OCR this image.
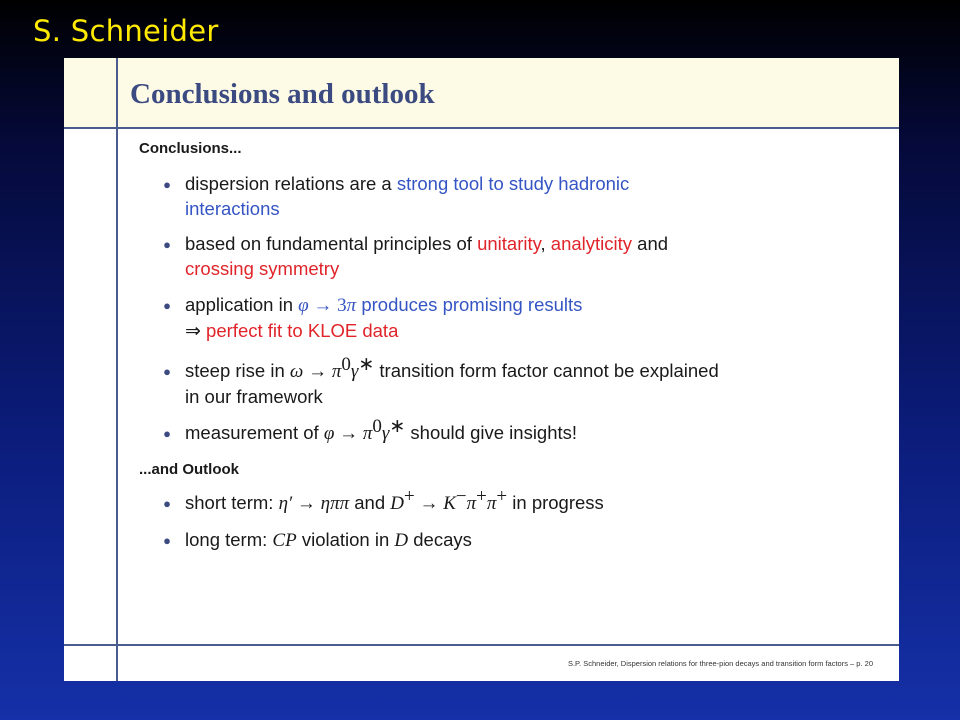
S. Schneider
Conclusions and outlook
Conclusions...
● dispersion relations are a strong tool to study hadronic
interactions
● based on fundamental principles of unitarity, analyticity and
crossing symmetry
● application in φ → 3π produces promising results
⇒ perfect fit to KLOE data
● steep rise in $\omega \to \pi^0\gamma^∗$ transition form factor cannot be explained
in our framework
● measurement of $\varphi \to \pi^0\gamma^∗$ should give insights!
...and Outlook
● short term: η′ → ηππ and D+ → K−π+π+ in progress
● long term: CP violation in D decays
S.P. Schneider, Dispersion relations for three-pion decays and transition form factors – p. 20
